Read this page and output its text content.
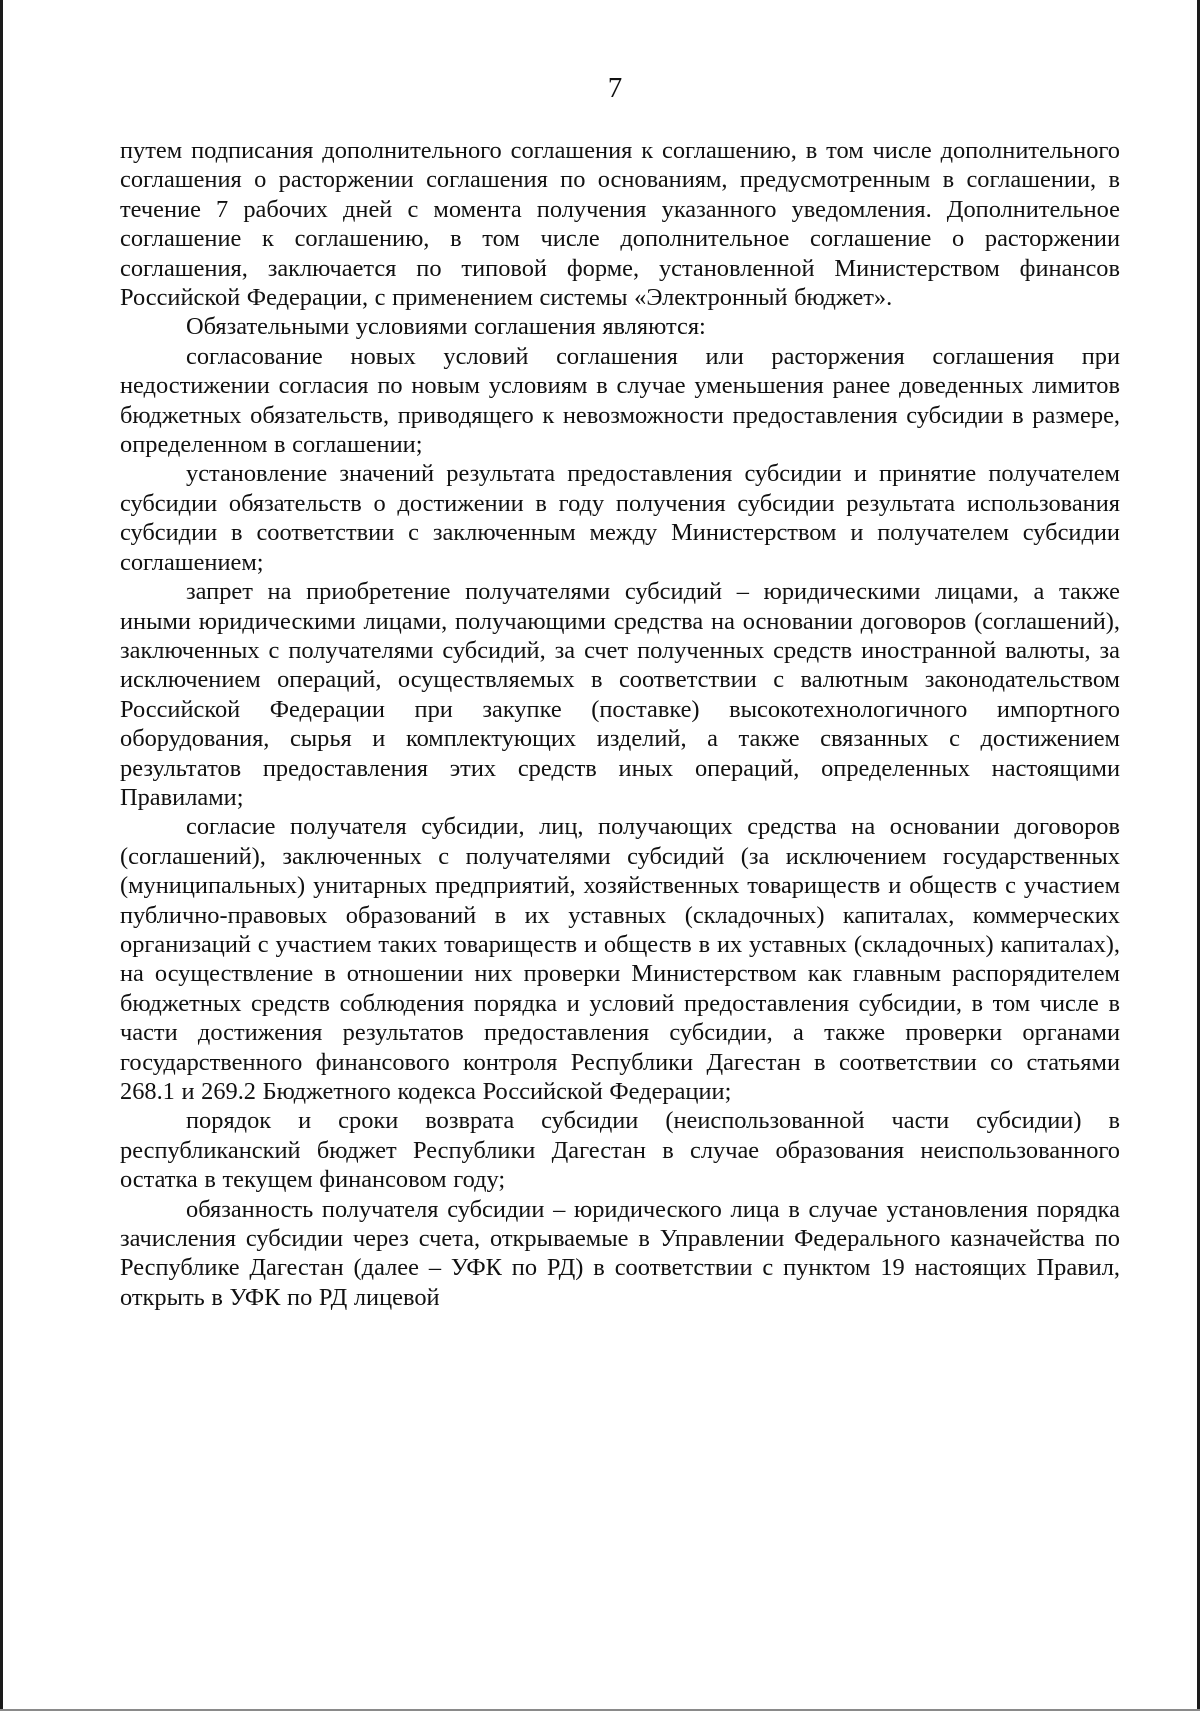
7

путем подписания дополнительного соглашения к соглашению, в том числе дополнительного соглашения о расторжении соглашения по основаниям, предусмотренным в соглашении, в течение 7 рабочих дней с момента получения указанного уведомления. Дополнительное соглашение к соглашению, в том числе дополнительное соглашение о расторжении соглашения, заключается по типовой форме, установленной Министерством финансов Российской Федерации, с применением системы «Электронный бюджет».

Обязательными условиями соглашения являются:

согласование новых условий соглашения или расторжения соглашения при недостижении согласия по новым условиям в случае уменьшения ранее доведенных лимитов бюджетных обязательств, приводящего к невозможности предоставления субсидии в размере, определенном в соглашении;

установление значений результата предоставления субсидии и принятие получателем субсидии обязательств о достижении в году получения субсидии результата использования субсидии в соответствии с заключенным между Министерством и получателем субсидии соглашением;

запрет на приобретение получателями субсидий – юридическими лицами, а также иными юридическими лицами, получающими средства на основании договоров (соглашений), заключенных с получателями субсидий, за счет полученных средств иностранной валюты, за исключением операций, осуществляемых в соответствии с валютным законодательством Российской Федерации при закупке (поставке) высокотехнологичного импортного оборудования, сырья и комплектующих изделий, а также связанных с достижением результатов предоставления этих средств иных операций, определенных настоящими Правилами;

согласие получателя субсидии, лиц, получающих средства на основании договоров (соглашений), заключенных с получателями субсидий (за исключением государственных (муниципальных) унитарных предприятий, хозяйственных товариществ и обществ с участием публично-правовых образований в их уставных (складочных) капиталах, коммерческих организаций с участием таких товариществ и обществ в их уставных (складочных) капиталах), на осуществление в отношении них проверки Министерством как главным распорядителем бюджетных средств соблюдения порядка и условий предоставления субсидии, в том числе в части достижения результатов предоставления субсидии, а также проверки органами государственного финансового контроля Республики Дагестан в соответствии со статьями 268.1 и 269.2 Бюджетного кодекса Российской Федерации;

порядок и сроки возврата субсидии (неиспользованной части субсидии) в республиканский бюджет Республики Дагестан в случае образования неиспользованного остатка в текущем финансовом году;

обязанность получателя субсидии – юридического лица в случае установления порядка зачисления субсидии через счета, открываемые в Управлении Федерального казначейства по Республике Дагестан (далее – УФК по РД) в соответствии с пунктом 19 настоящих Правил, открыть в УФК по РД лицевой
